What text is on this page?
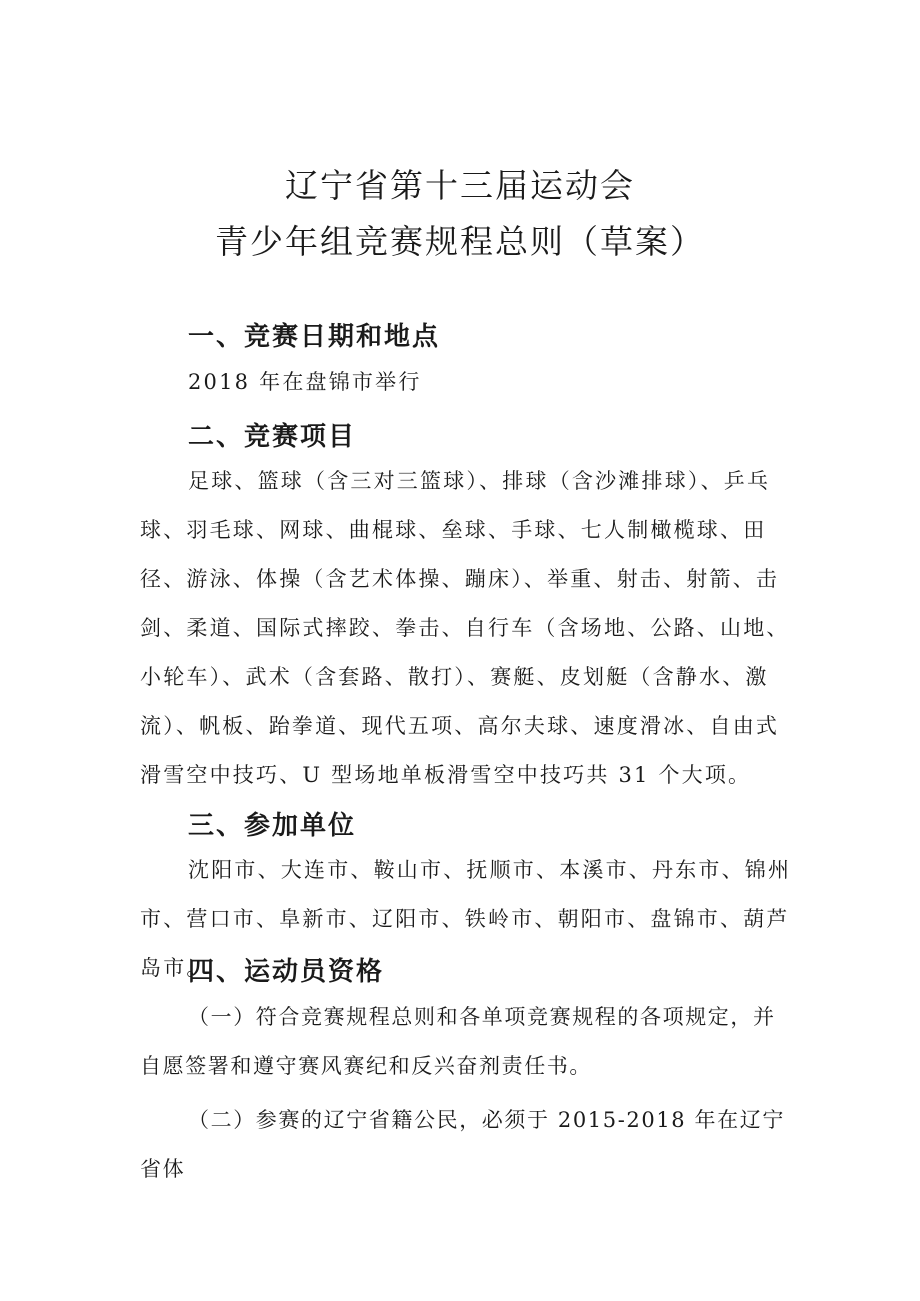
辽宁省第十三届运动会
青少年组竞赛规程总则（草案）
一、竞赛日期和地点

2018 年在盘锦市举行

二、竞赛项目

足球、篮球（含三对三篮球）、排球（含沙滩排球）、乒乓球、羽毛球、网球、曲棍球、垒球、手球、七人制橄榄球、田径、游泳、体操（含艺术体操、蹦床）、举重、射击、射箭、击剑、柔道、国际式摔跤、拳击、自行车（含场地、公路、山地、小轮车）、武术（含套路、散打）、赛艇、皮划艇（含静水、激流）、帆板、跆拳道、现代五项、高尔夫球、速度滑冰、自由式滑雪空中技巧、U 型场地单板滑雪空中技巧共 31 个大项。

三、参加单位

沈阳市、大连市、鞍山市、抚顺市、本溪市、丹东市、锦州市、营口市、阜新市、辽阳市、铁岭市、朝阳市、盘锦市、葫芦岛市。

四、运动员资格

（一）符合竞赛规程总则和各单项竞赛规程的各项规定，并自愿签署和遵守赛风赛纪和反兴奋剂责任书。

（二）参赛的辽宁省籍公民，必须于 2015-2018 年在辽宁省体
